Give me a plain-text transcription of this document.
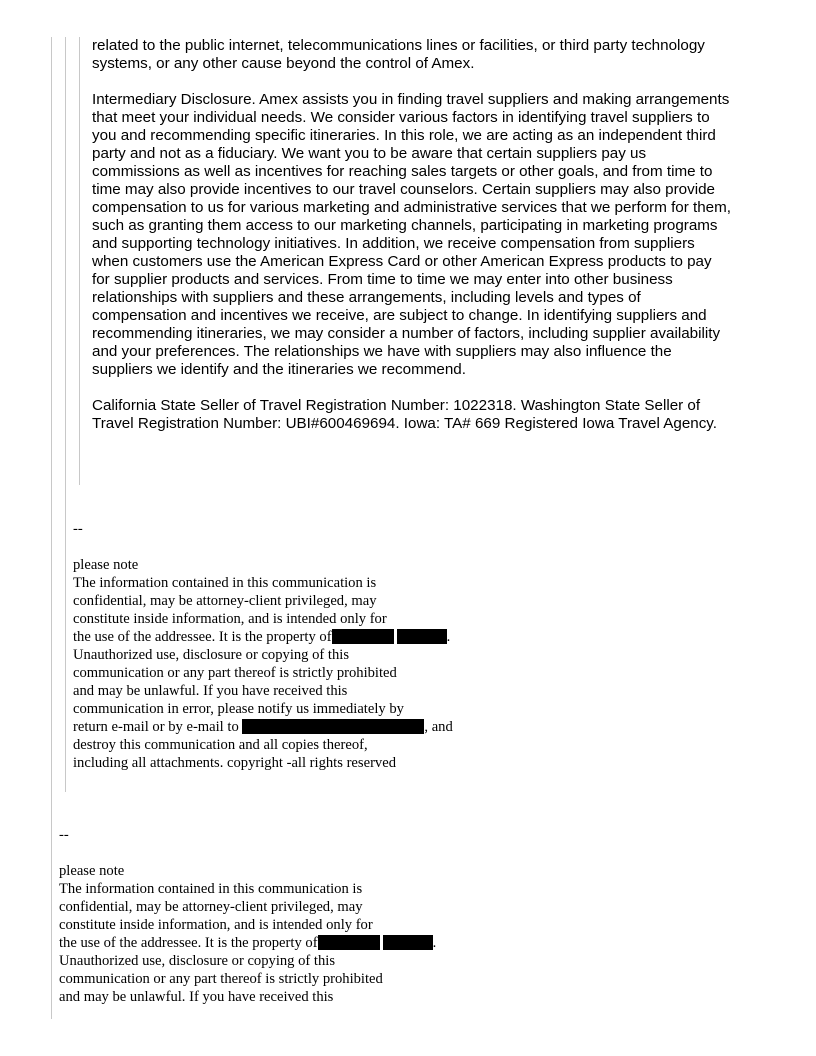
related to the public internet, telecommunications lines or facilities, or third party technology

systems, or any other cause beyond the control of Amex.

Intermediary Disclosure. Amex assists you in finding travel suppliers and making arrangements

that meet your individual needs. We consider various factors in identifying travel suppliers to

you and recommending specific itineraries. In this role, we are acting as an independent third

party and not as a fiduciary. We want you to be aware that certain suppliers pay us

commissions as well as incentives for reaching sales targets or other goals, and from time to

time may also provide incentives to our travel counselors. Certain suppliers may also provide

compensation to us for various marketing and administrative services that we perform for them,

such as granting them access to our marketing channels, participating in marketing programs

and supporting technology initiatives. In addition, we receive compensation from suppliers

when customers use the American Express Card or other American Express products to pay

for supplier products and services. From time to time we may enter into other business

relationships with suppliers and these arrangements, including levels and types of

compensation and incentives we receive, are subject to change. In identifying suppliers and

recommending itineraries, we may consider a number of factors, including supplier availability

and your preferences. The relationships we have with suppliers may also influence the

suppliers we identify and the itineraries we recommend.

California State Seller of Travel Registration Number: 1022318. Washington State Seller of

Travel Registration Number: UBI#600469694. Iowa: TA# 669 Registered Iowa Travel Agency.

--

please note

The information contained in this communication is

confidential, may be attorney-client privileged, may

constitute inside information, and is intended only for

the use of the addressee. It is the property of	.

Unauthorized use, disclosure or copying of this

communication or any part thereof is strictly prohibited

and may be unlawful. If you have received this

communication in error, please notify us immediately by

return e-mail or by e-mail to	, and

destroy this communication and all copies thereof,

including all attachments. copyright -all rights reserved

--

please note

The information contained in this communication is

confidential, may be attorney-client privileged, may

constitute inside information, and is intended only for

the use of the addressee. It is the property of	.

Unauthorized use, disclosure or copying of this

communication or any part thereof is strictly prohibited

and may be unlawful. If you have received this
